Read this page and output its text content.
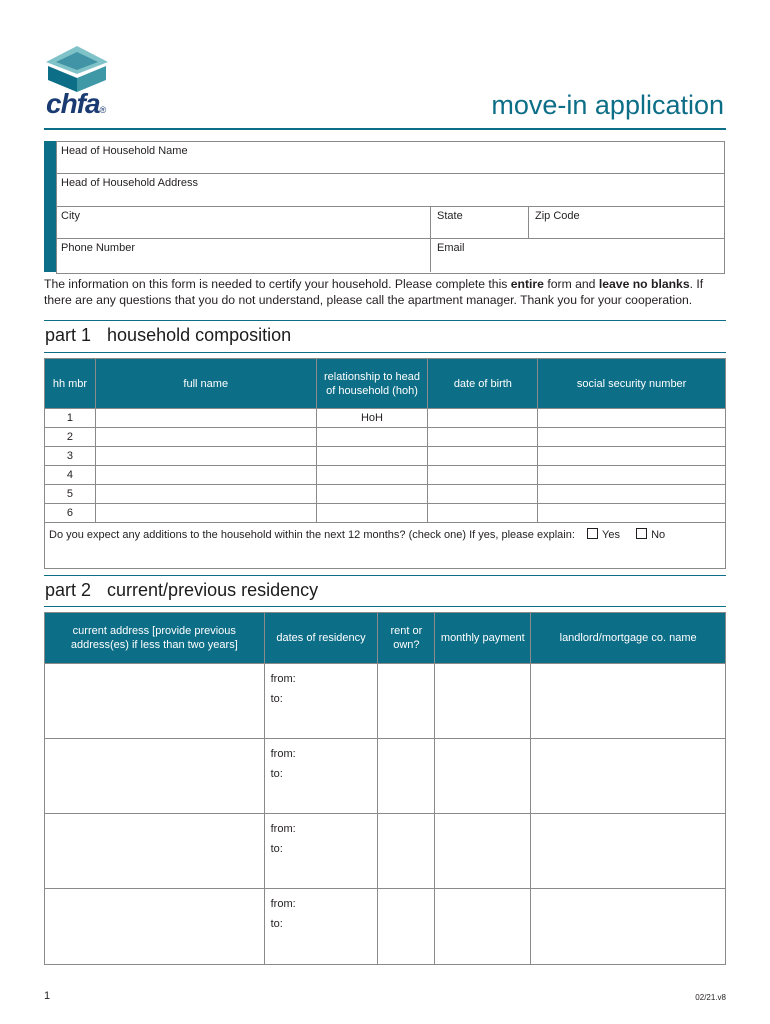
chfa®	move-in application
Head of Household Name
Head of Household Address
City	State	Zip Code
Phone Number	Email
The information on this form is needed to certify your household. Please complete this entire form and leave no blanks. If there are any questions that you do not understand, please call the apartment manager. Thank you for your cooperation.
part 1 household composition
hh mbr	full name	relationship to head of household (hoh)	date of birth	social security number
1		HoH		
2				
3				
4				
5				
6				
Do you expect any additions to the household within the next 12 months? (check one) If yes, please explain: Yes No				
part 2 current/previous residency
current address [provide previous address(es) if less than two years]	dates of residency	rent or own?	monthly payment	landlord/mortgage co. name

	from:
to:			

	from:
to:			

	from:
to:			

	from:
to:			

1	02/21.v8
